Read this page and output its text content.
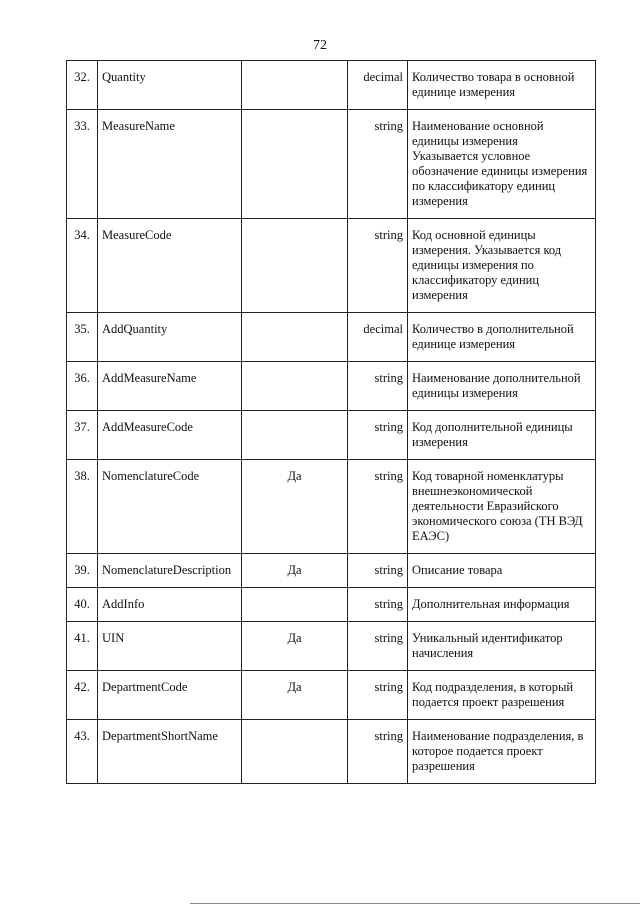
72
32.	Quantity		decimal	Количество товара в основной единице измерения
33.	MeasureName		string	Наименование основной единицы измерения
Указывается условное обозначение единицы измерения по классификатору единиц измерения
34.	MeasureCode		string	Код основной единицы измерения. Указывается код единицы измерения по классификатору единиц измерения
35.	AddQuantity		decimal	Количество в дополнительной единице измерения
36.	AddMeasureName		string	Наименование дополнительной единицы измерения
37.	AddMeasureCode		string	Код дополнительной единицы измерения
38.	NomenclatureCode	Да	string	Код товарной номенклатуры внешнеэкономической деятельности Евразийского экономического союза (ТН ВЭД ЕАЭС)
39.	NomenclatureDescription	Да	string	Описание товара
40.	AddInfo		string	Дополнительная информация
41.	UIN	Да	string	Уникальный идентификатор начисления
42.	DepartmentCode	Да	string	Код подразделения, в который подается проект разрешения
43.	DepartmentShortName		string	Наименование подразделения, в которое подается проект разрешения
